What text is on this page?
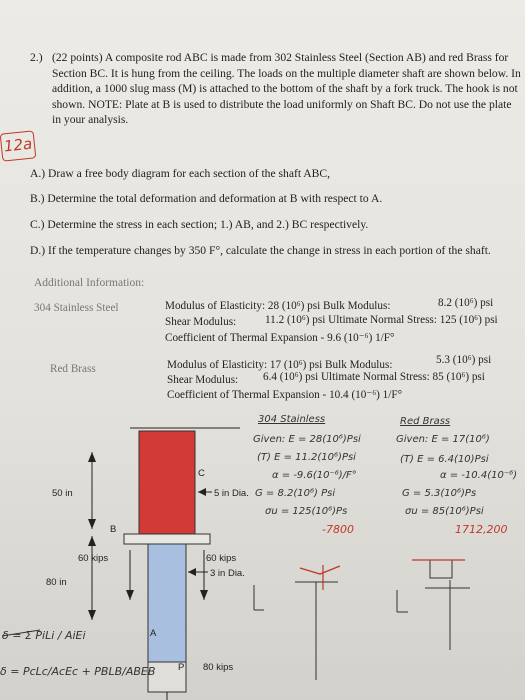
2.) (22 points) A composite rod ABC is made from 302 Stainless Steel (Section AB) and red Brass for Section BC. It is hung from the ceiling. The loads on the multiple diameter shaft are shown below. In addition, a 1000 slug mass (M) is attached to the bottom of the shaft by a fork truck. The hook is not shown. NOTE: Plate at B is used to distribute the load uniformly on Shaft BC. Do not use the plate in your analysis.
12a
A.) Draw a free body diagram for each section of the shaft ABC,
B.) Determine the total deformation and deformation at B with respect to A.
C.) Determine the stress in each section; 1.) AB, and 2.) BC respectively.
D.) If the temperature changes by 350 F°, calculate the change in stress in each portion of the shaft.
Additional Information:
304 Stainless Steel	Modulus of Elasticity: 28 (10⁶) psi Bulk Modulus:	8.2 (10⁶) psi
Shear Modulus:	11.2 (10⁶) psi Ultimate Normal Stress: 125 (10⁶) psi
Coefficient of Thermal Expansion - 9.6 (10⁻⁶) 1/F°
Red Brass	Modulus of Elasticity: 17 (10⁶) psi Bulk Modulus:	5.3 (10⁶) psi
Shear Modulus: 6.4 (10⁶) psi Ultimate Normal Stress: 85 (10⁶) psi
Coefficient of Thermal Expansion - 10.4 (10⁻⁶) 1/F°
C
B
A
P
50 in
80 in
5 in Dia.
3 in Dia.
60 kips	60 kips
80 kips
304 Stainless
Given: E = 28(10⁶)Psi
(T) E = 11.2(10⁶)Psi
α = -9.6(10⁻⁶)/F°
G = 8.2(10⁶) Psi
σu = 125(10⁶)Ps
Red Brass
Given: E = 17(10⁶)
(T) E = 6.4(10)Psi
α = -10.4(10⁻⁶)
G = 5.3(10⁶)Ps
σu = 85(10⁶)Psi
-7800	1712,200
δ = Σ PiLi / AiEi
δ = PcLc/AcEc + PBLB/ABEB
